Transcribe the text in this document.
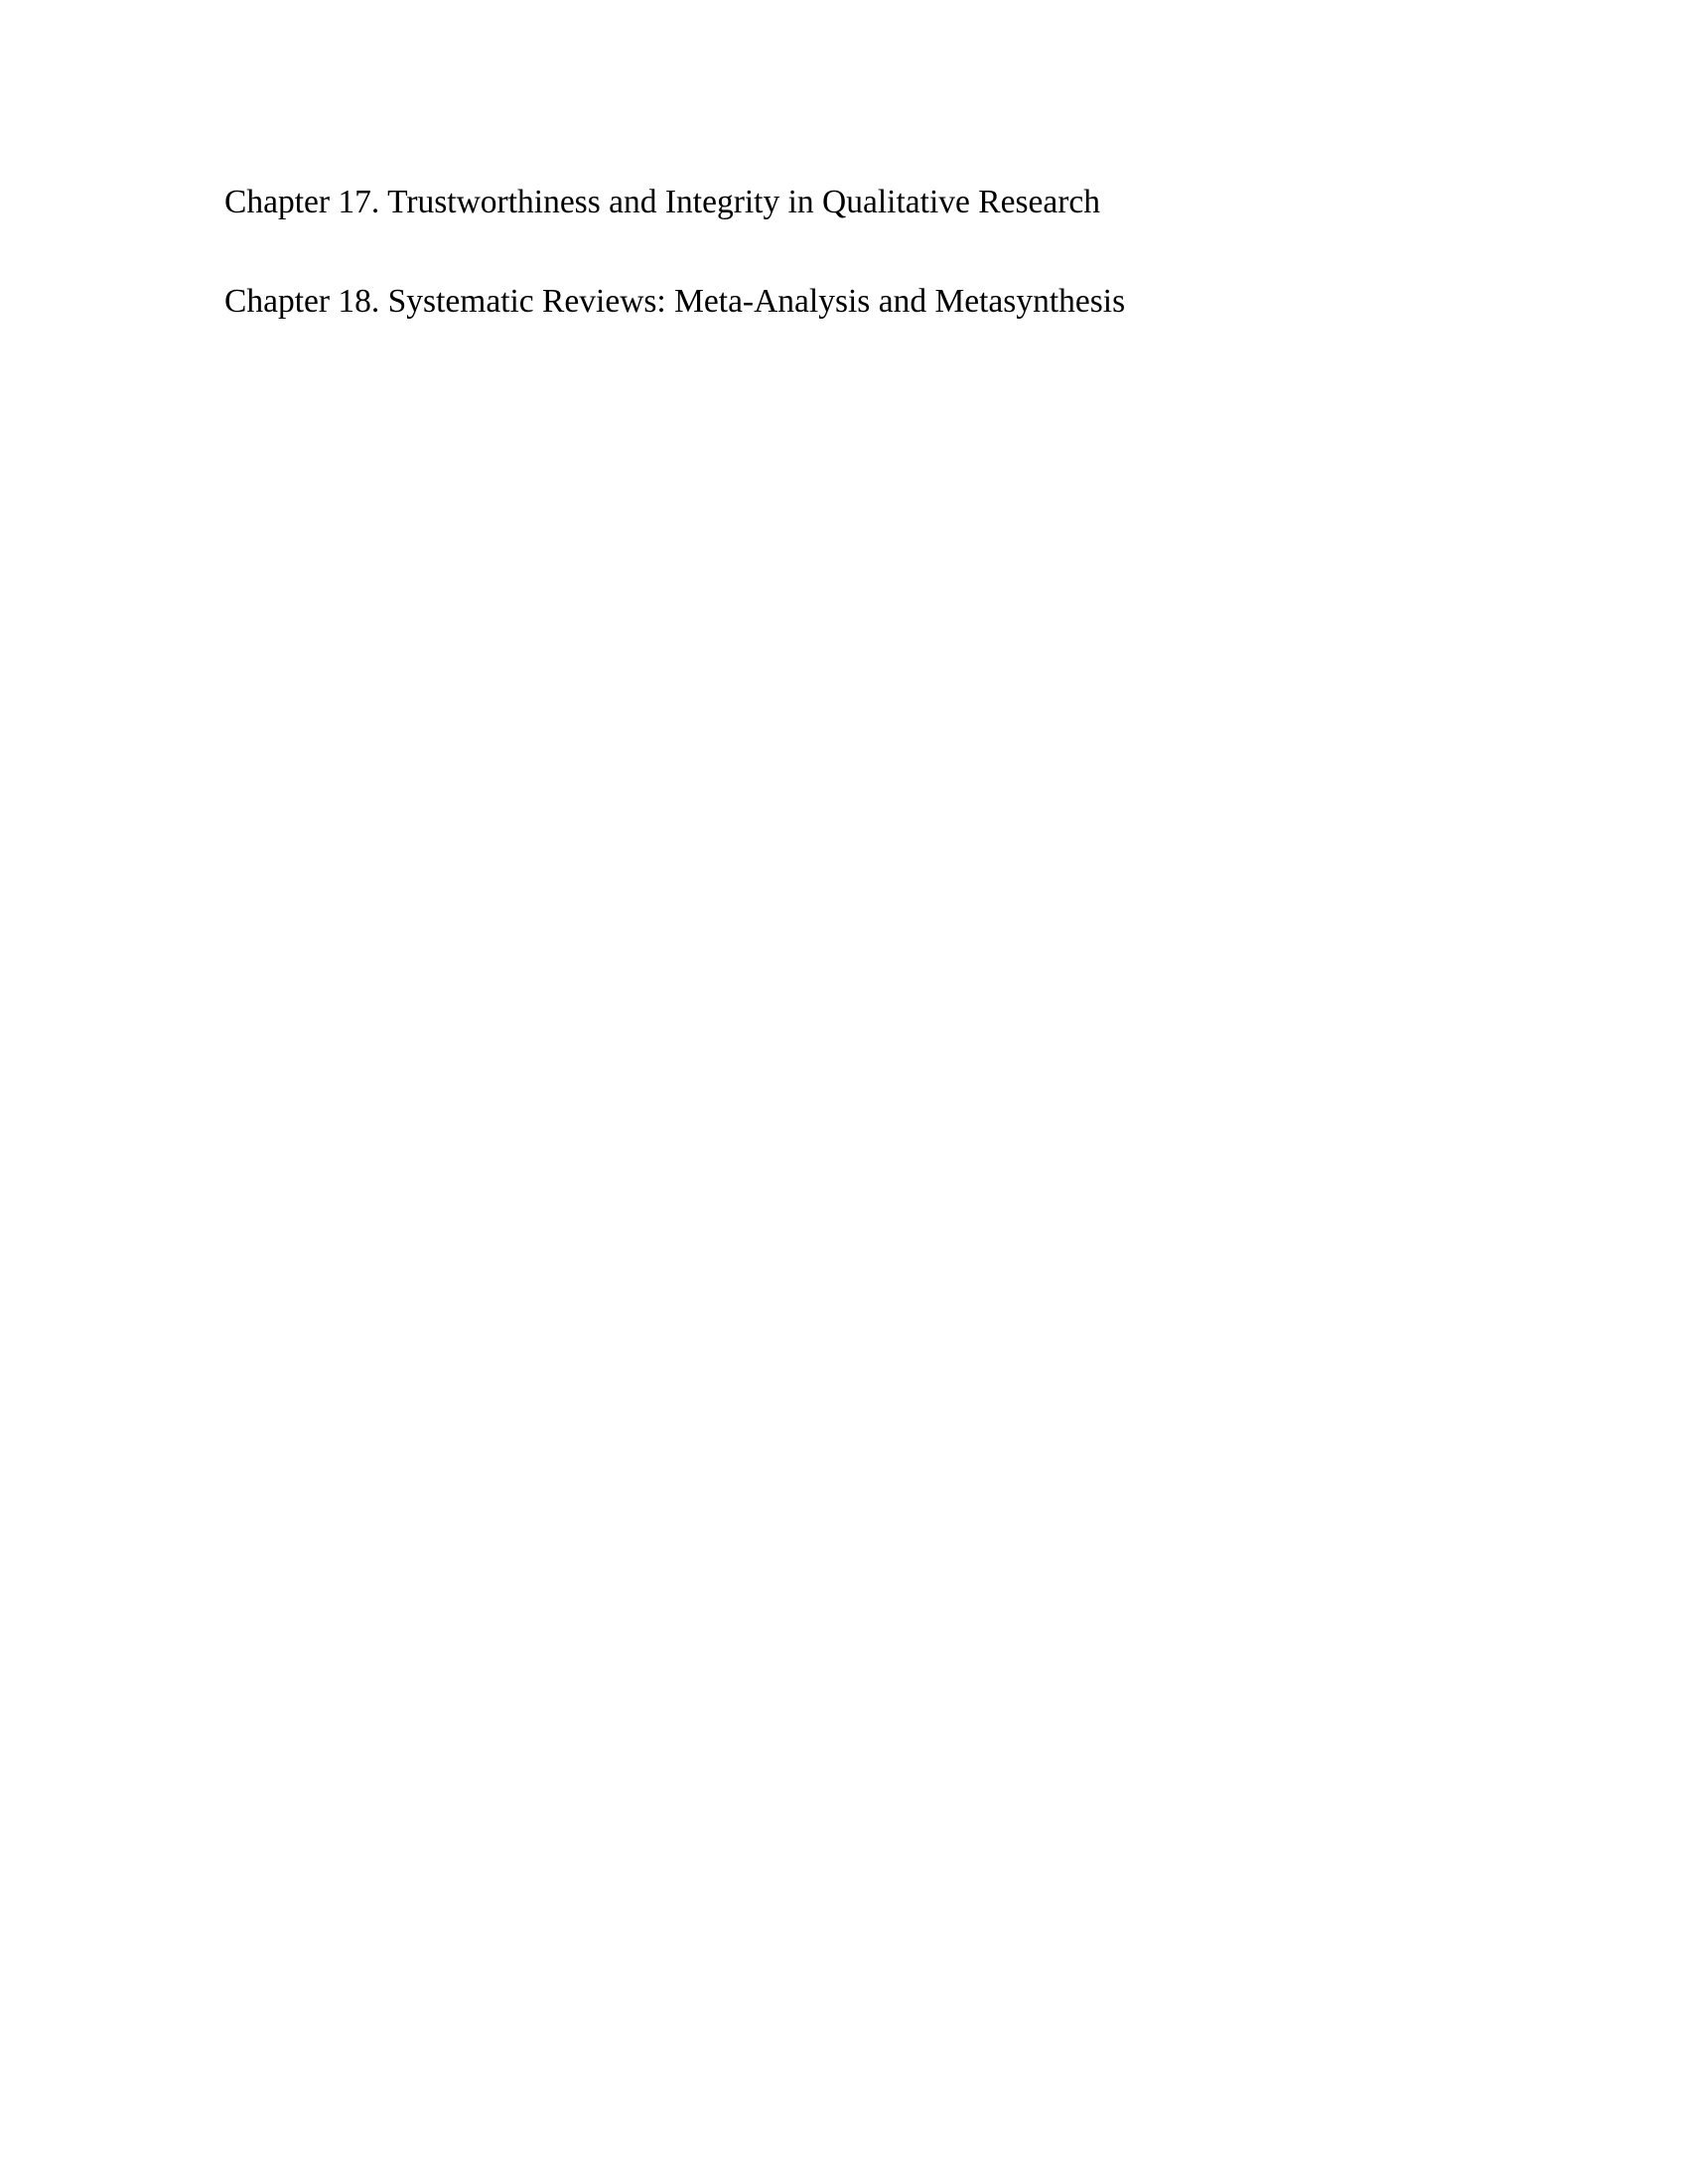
Chapter 17. Trustworthiness and Integrity in Qualitative Research

Chapter 18. Systematic Reviews: Meta-Analysis and Metasynthesis
